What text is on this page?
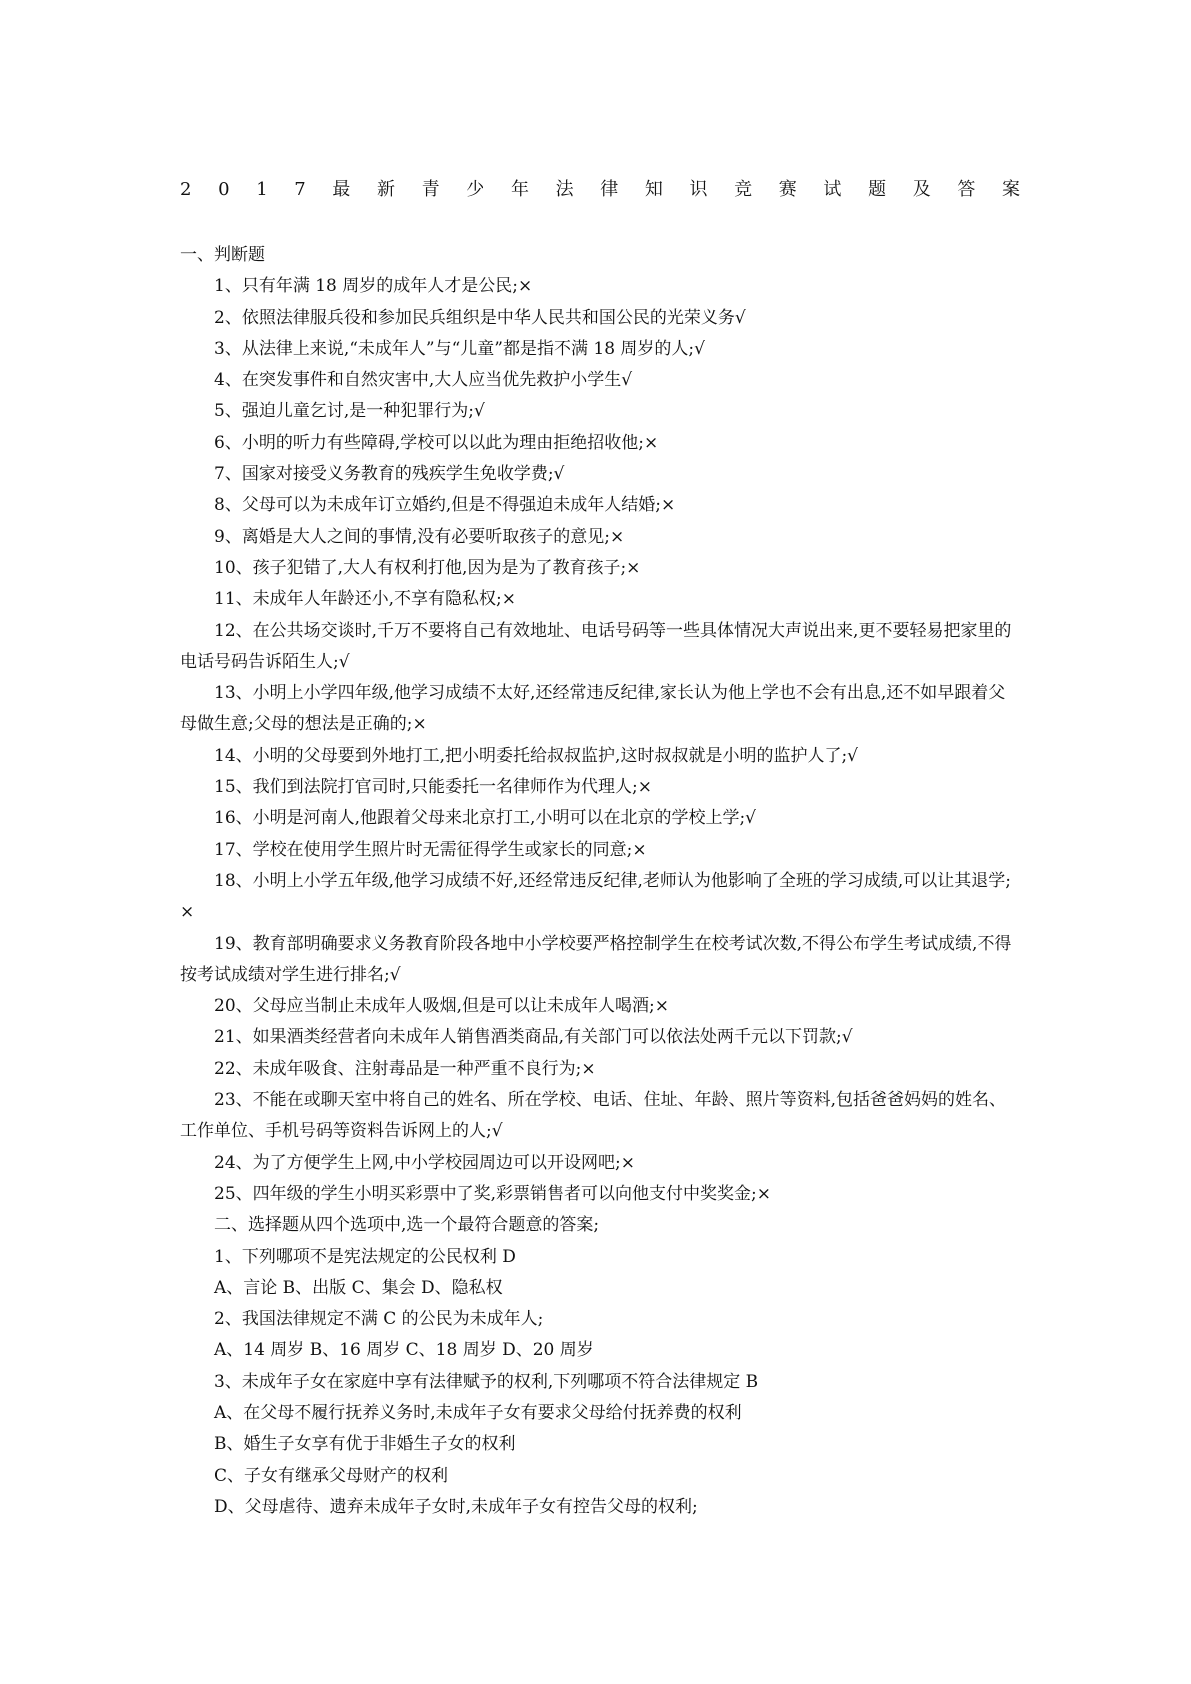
2 0 1 7 最 新 青 少 年 法 律 知 识 竞 赛 试 题 及 答 案

一、判断题

1、只有年满 18 周岁的成年人才是公民;×

2、依照法律服兵役和参加民兵组织是中华人民共和国公民的光荣义务√

3、从法律上来说,“未成年人”与“儿童”都是指不满 18 周岁的人;√

4、在突发事件和自然灾害中,大人应当优先救护小学生√

5、强迫儿童乞讨,是一种犯罪行为;√

6、小明的听力有些障碍,学校可以以此为理由拒绝招收他;×

7、国家对接受义务教育的残疾学生免收学费;√

8、父母可以为未成年订立婚约,但是不得强迫未成年人结婚;×

9、离婚是大人之间的事情,没有必要听取孩子的意见;×

10、孩子犯错了,大人有权利打他,因为是为了教育孩子;×

11、未成年人年龄还小,不享有隐私权;×

12、在公共场交谈时,千万不要将自己有效地址、电话号码等一些具体情况大声说出来,更不要轻易把家里的电话号码告诉陌生人;√

13、小明上小学四年级,他学习成绩不太好,还经常违反纪律,家长认为他上学也不会有出息,还不如早跟着父母做生意;父母的想法是正确的;×

14、小明的父母要到外地打工,把小明委托给叔叔监护,这时叔叔就是小明的监护人了;√

15、我们到法院打官司时,只能委托一名律师作为代理人;×

16、小明是河南人,他跟着父母来北京打工,小明可以在北京的学校上学;√

17、学校在使用学生照片时无需征得学生或家长的同意;×

18、小明上小学五年级,他学习成绩不好,还经常违反纪律,老师认为他影响了全班的学习成绩,可以让其退学;×

19、教育部明确要求义务教育阶段各地中小学校要严格控制学生在校考试次数,不得公布学生考试成绩,不得按考试成绩对学生进行排名;√

20、父母应当制止未成年人吸烟,但是可以让未成年人喝酒;×

21、如果酒类经营者向未成年人销售酒类商品,有关部门可以依法处两千元以下罚款;√

22、未成年吸食、注射毒品是一种严重不良行为;×

23、不能在或聊天室中将自己的姓名、所在学校、电话、住址、年龄、照片等资料,包括爸爸妈妈的姓名、工作单位、手机号码等资料告诉网上的人;√

24、为了方便学生上网,中小学校园周边可以开设网吧;×

25、四年级的学生小明买彩票中了奖,彩票销售者可以向他支付中奖奖金;×

二、选择题从四个选项中,选一个最符合题意的答案;

1、下列哪项不是宪法规定的公民权利 D

A、言论 B、出版 C、集会 D、隐私权

2、我国法律规定不满 C 的公民为未成年人;

A、14 周岁 B、16 周岁 C、18 周岁 D、20 周岁

3、未成年子女在家庭中享有法律赋予的权利,下列哪项不符合法律规定 B

A、在父母不履行抚养义务时,未成年子女有要求父母给付抚养费的权利

B、婚生子女享有优于非婚生子女的权利

C、子女有继承父母财产的权利

D、父母虐待、遗弃未成年子女时,未成年子女有控告父母的权利;
